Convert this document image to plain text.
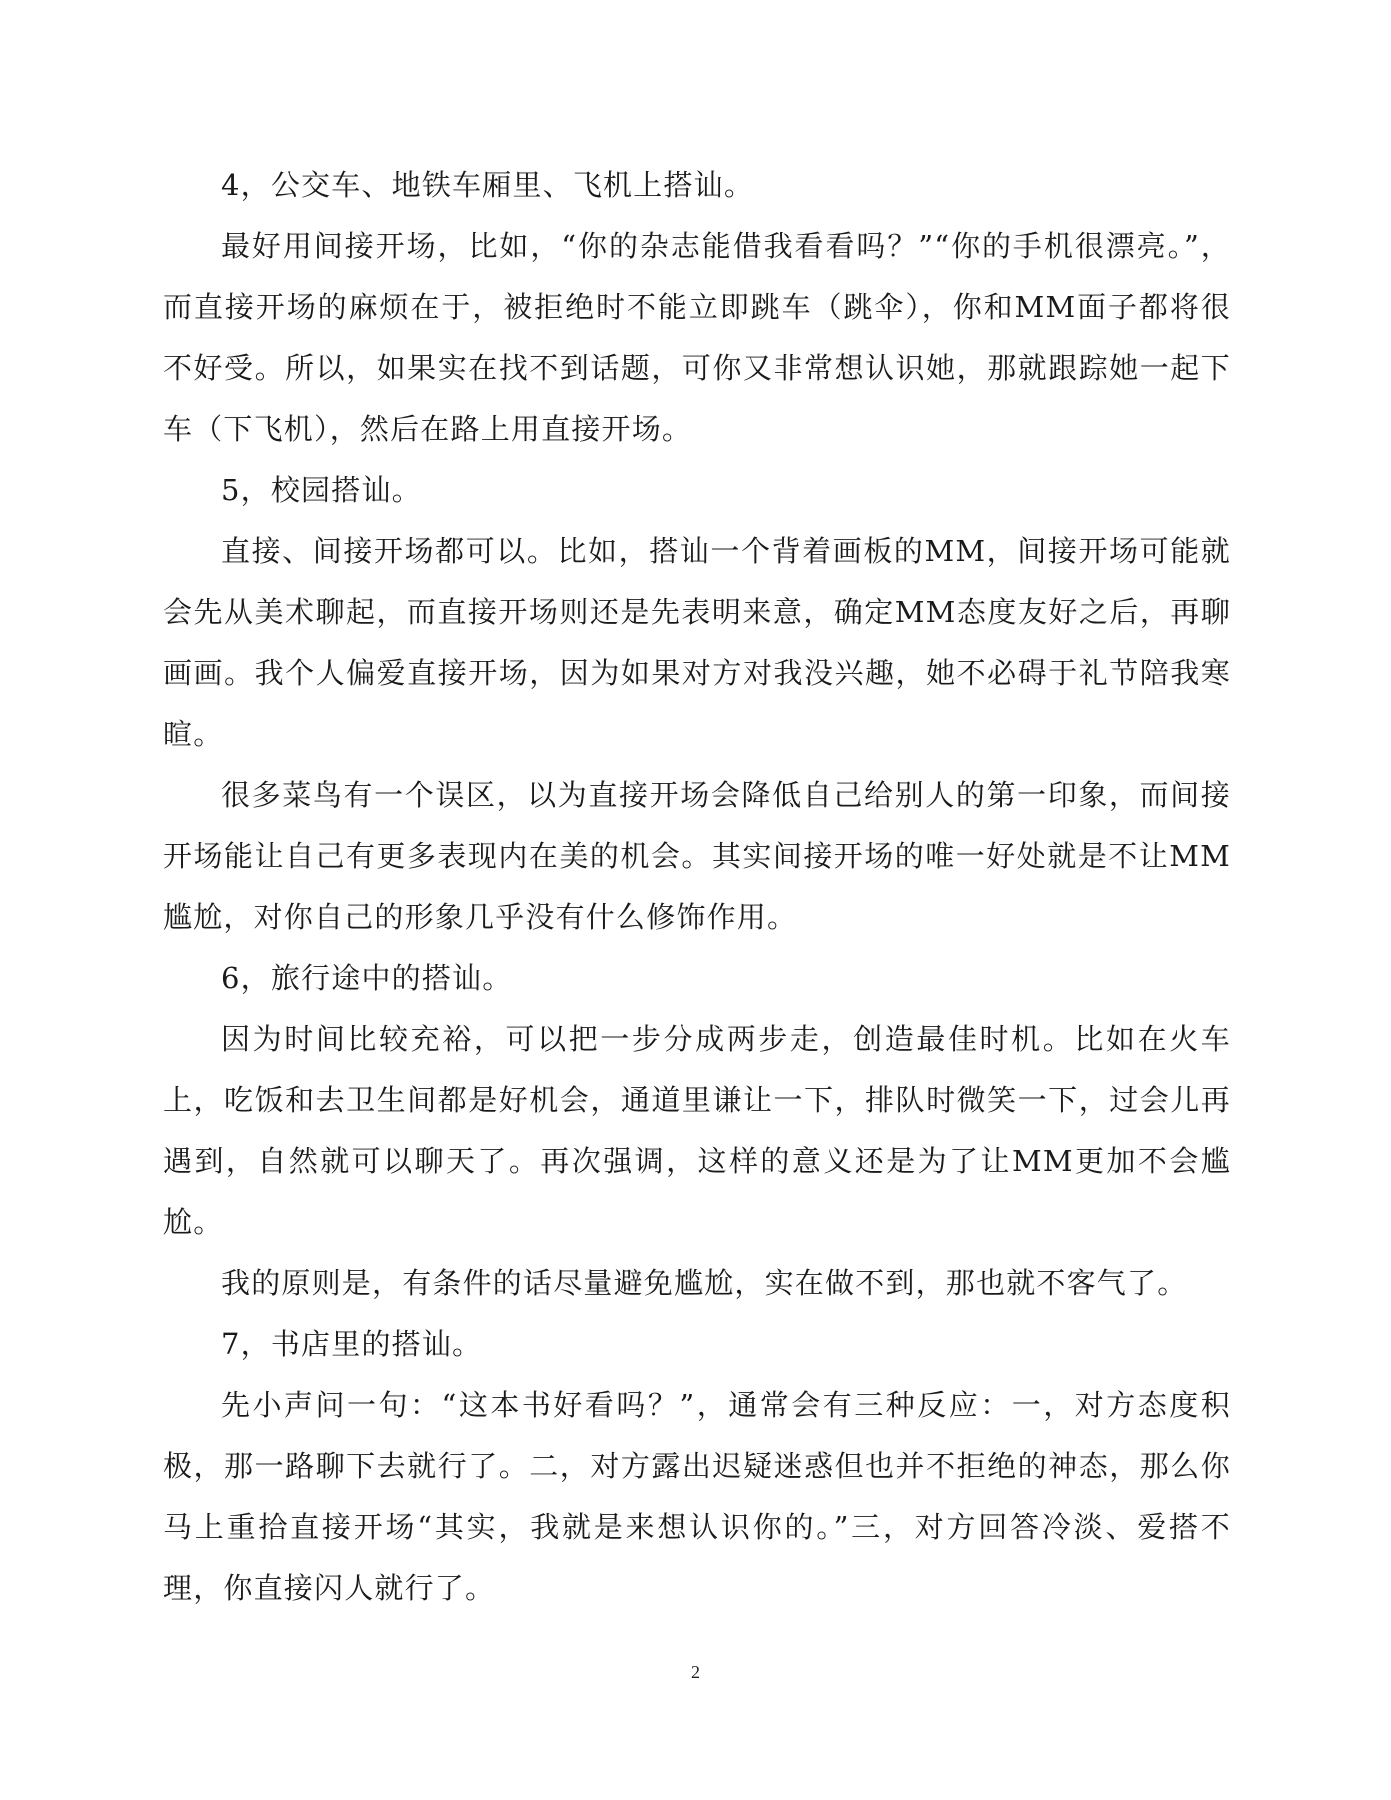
4，公交车、地铁车厢里、飞机上搭讪。

最好用间接开场，比如，“你的杂志能借我看看吗？”“你的手机很漂亮。”，而直接开场的麻烦在于，被拒绝时不能立即跳车（跳伞），你和MM面子都将很不好受。所以，如果实在找不到话题，可你又非常想认识她，那就跟踪她一起下车（下飞机），然后在路上用直接开场。

5，校园搭讪。

直接、间接开场都可以。比如，搭讪一个背着画板的MM，间接开场可能就会先从美术聊起，而直接开场则还是先表明来意，确定MM态度友好之后，再聊画画。我个人偏爱直接开场，因为如果对方对我没兴趣，她不必碍于礼节陪我寒暄。

很多菜鸟有一个误区，以为直接开场会降低自己给别人的第一印象，而间接开场能让自己有更多表现内在美的机会。其实间接开场的唯一好处就是不让MM尴尬，对你自己的形象几乎没有什么修饰作用。

6，旅行途中的搭讪。

因为时间比较充裕，可以把一步分成两步走，创造最佳时机。比如在火车上，吃饭和去卫生间都是好机会，通道里谦让一下，排队时微笑一下，过会儿再遇到，自然就可以聊天了。再次强调，这样的意义还是为了让MM更加不会尴尬。

我的原则是，有条件的话尽量避免尴尬，实在做不到，那也就不客气了。

7，书店里的搭讪。

先小声问一句：“这本书好看吗？”，通常会有三种反应：一，对方态度积极，那一路聊下去就行了。二，对方露出迟疑迷惑但也并不拒绝的神态，那么你马上重拾直接开场“其实，我就是来想认识你的。”三，对方回答冷淡、爱搭不理，你直接闪人就行了。

2
